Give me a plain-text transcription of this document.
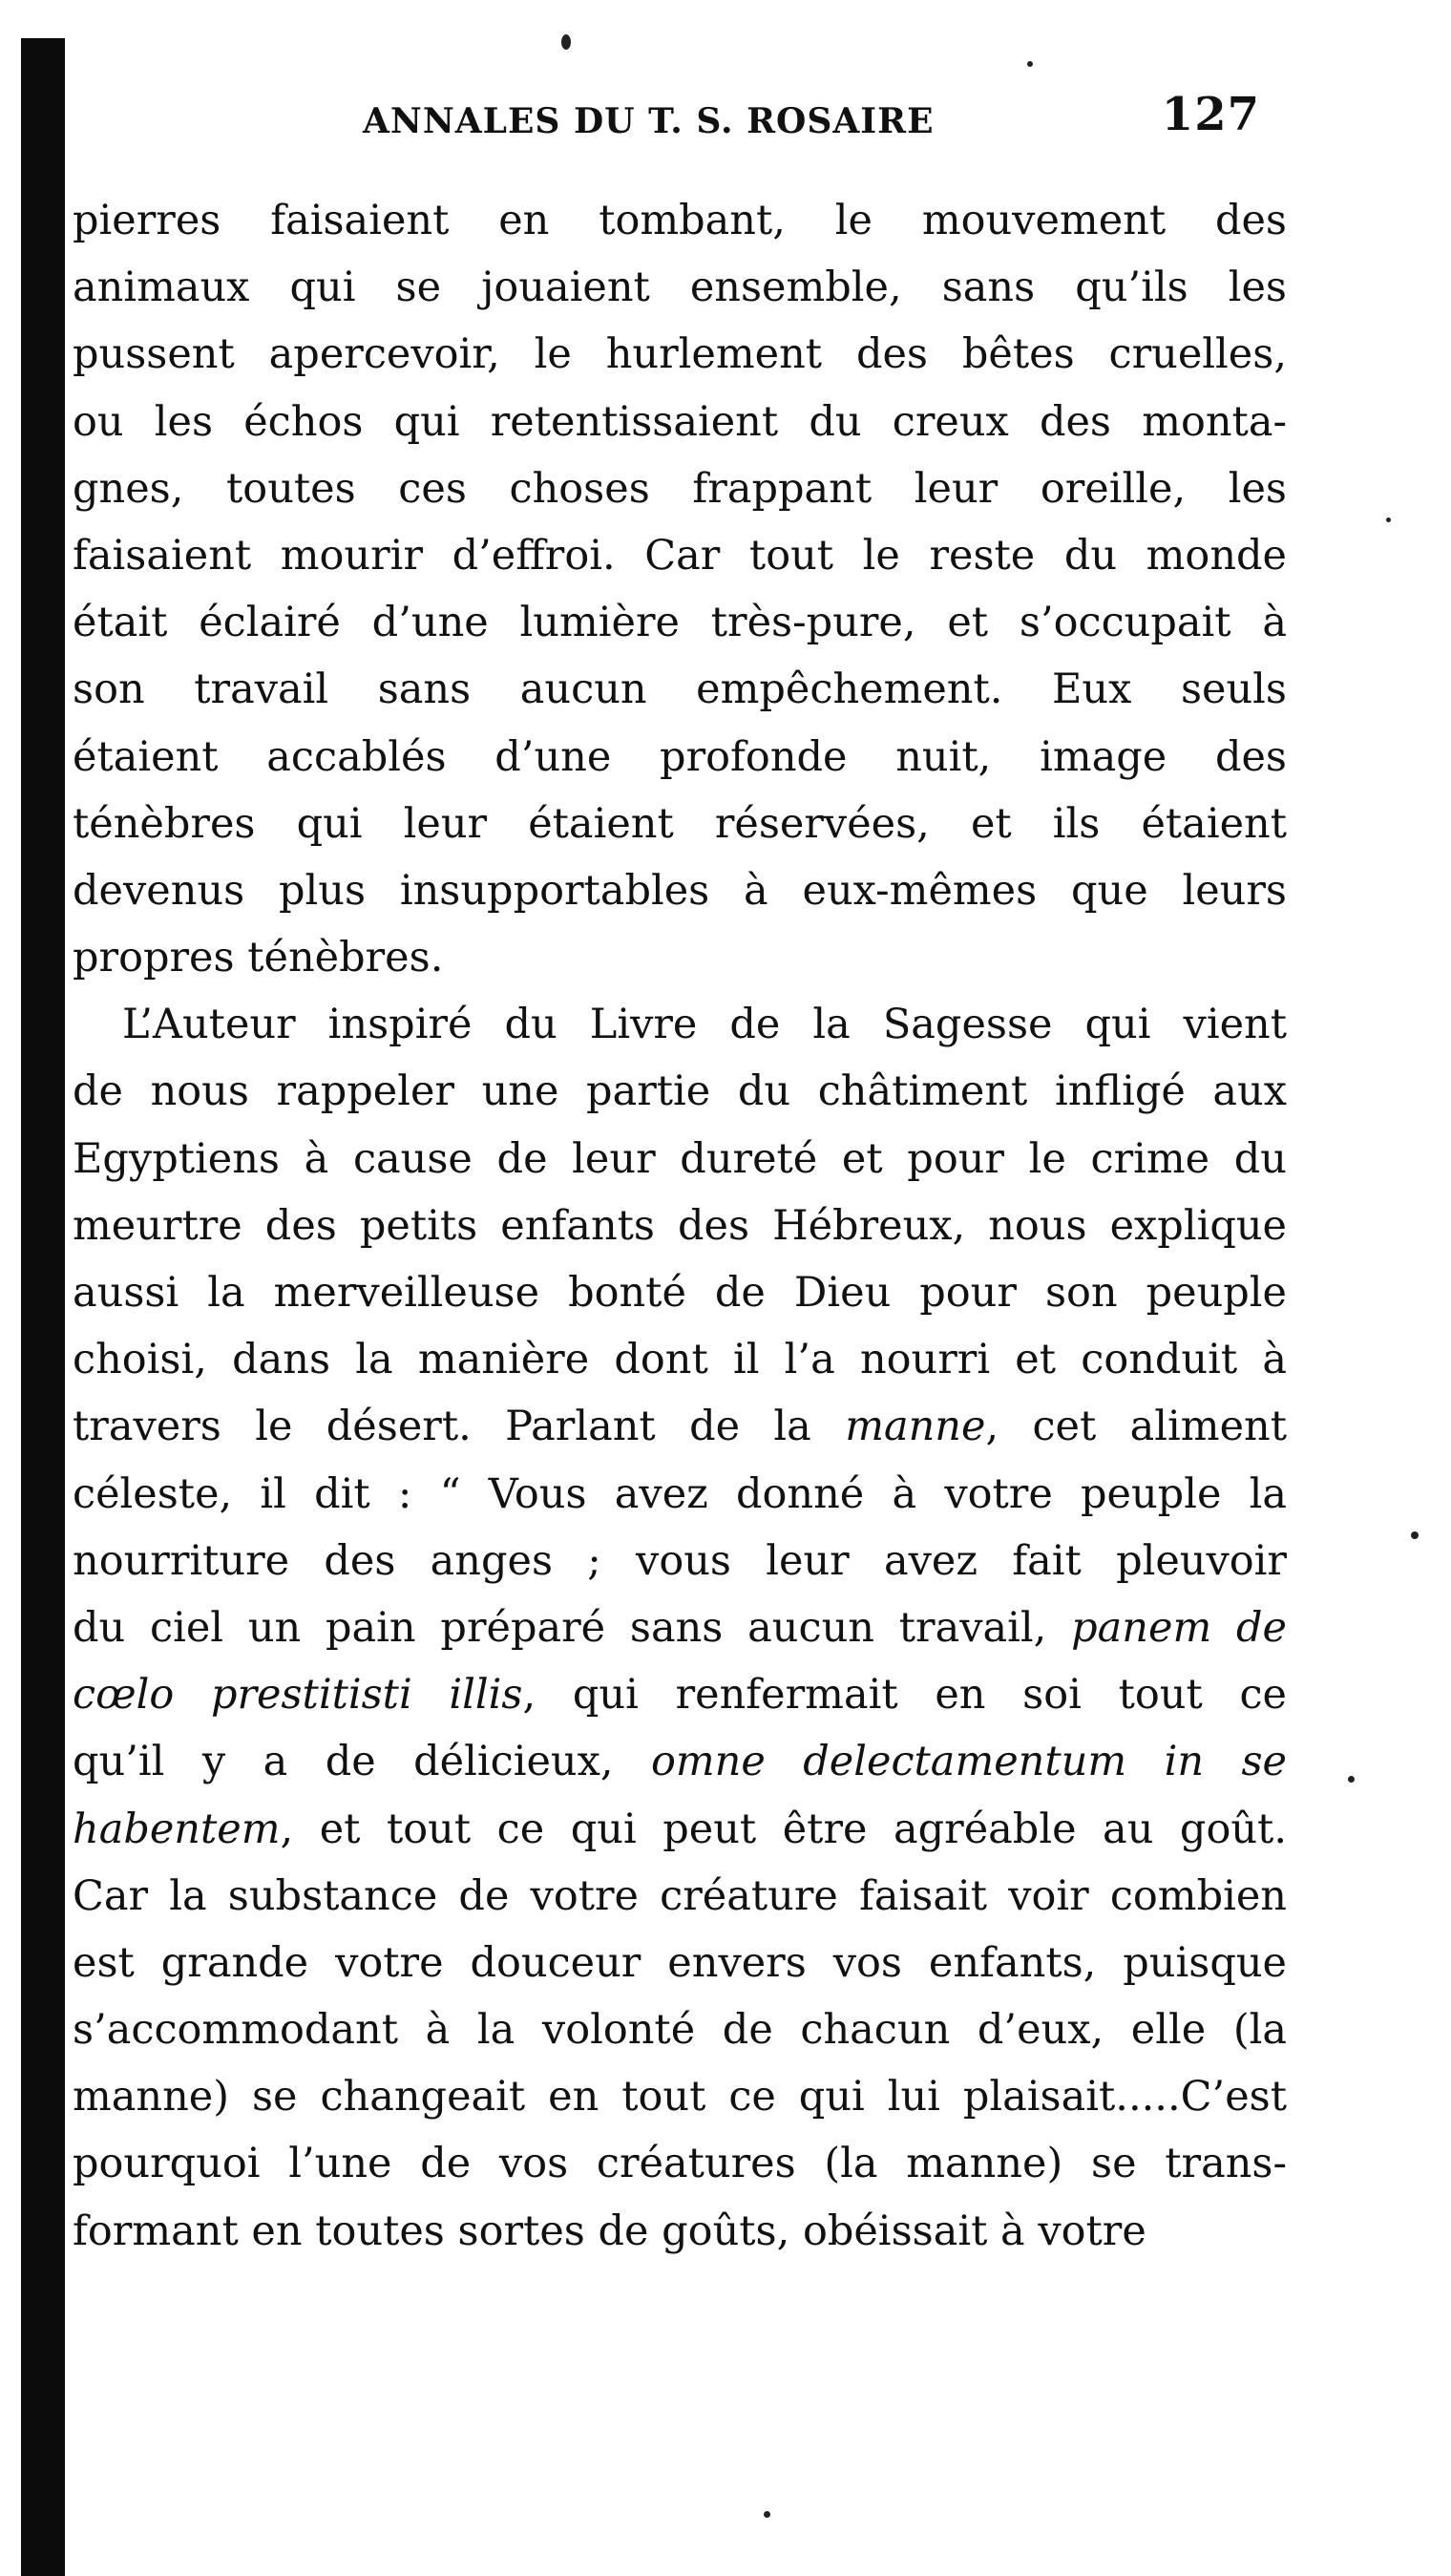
ANNALES DU T. S. ROSAIRE	127
pierres faisaient en tombant, le mouvement des
animaux qui se jouaient ensemble, sans qu’ils les
pussent apercevoir, le hurlement des bêtes cruelles,
ou les échos qui retentissaient du creux des monta-
gnes, toutes ces choses frappant leur oreille, les
faisaient mourir d’effroi. Car tout le reste du monde
était éclairé d’une lumière très-pure, et s’occupait à
son travail sans aucun empêchement. Eux seuls
étaient accablés d’une profonde nuit, image des
ténèbres qui leur étaient réservées, et ils étaient
devenus plus insupportables à eux-mêmes que leurs
propres ténèbres.
L’Auteur inspiré du Livre de la Sagesse qui vient
de nous rappeler une partie du châtiment infligé aux
Egyptiens à cause de leur dureté et pour le crime du
meurtre des petits enfants des Hébreux, nous explique
aussi la merveilleuse bonté de Dieu pour son peuple
choisi, dans la manière dont il l’a nourri et conduit à
travers le désert. Parlant de la manne, cet aliment
céleste, il dit : “ Vous avez donné à votre peuple la
nourriture des anges ; vous leur avez fait pleuvoir
du ciel un pain préparé sans aucun travail, panem de
cœlo prestitisti illis, qui renfermait en soi tout ce
qu’il y a de délicieux, omne delectamentum in se
habentem, et tout ce qui peut être agréable au goût.
Car la substance de votre créature faisait voir combien
est grande votre douceur envers vos enfants, puisque
s’accommodant à la volonté de chacun d’eux, elle (la
manne) se changeait en tout ce qui lui plaisait.....C’est
pourquoi l’une de vos créatures (la manne) se trans-
formant en toutes sortes de goûts, obéissait à votre
